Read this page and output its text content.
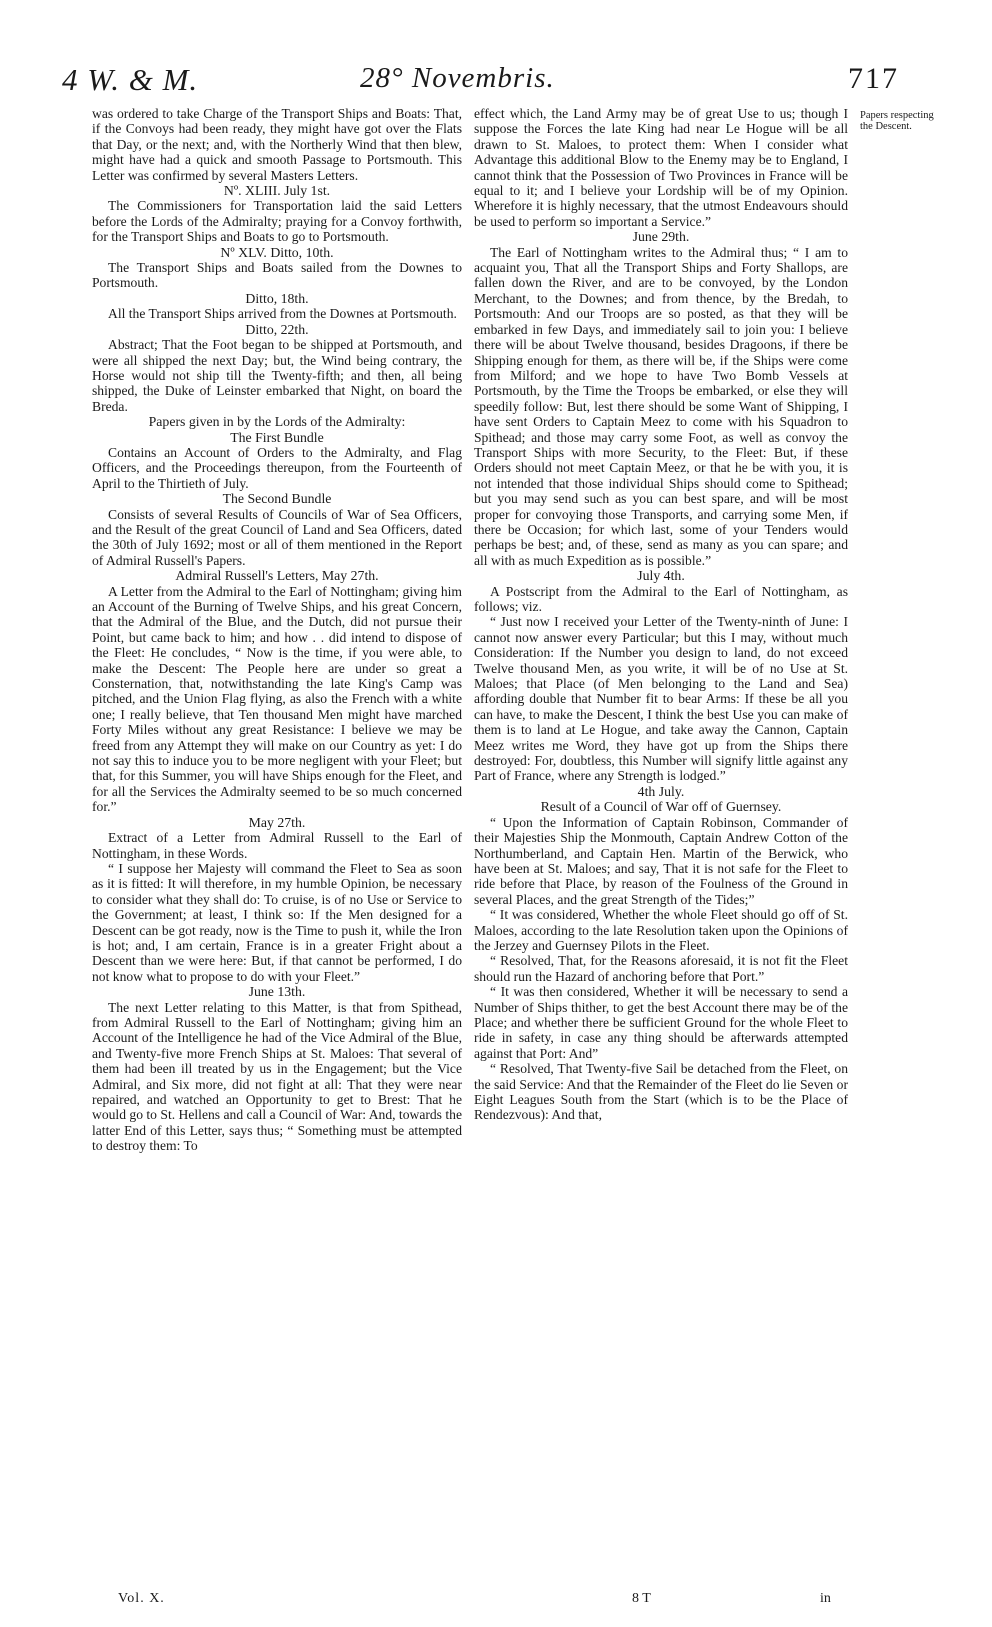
4 W. & M.	28° Novembris.	717

was ordered to take Charge of the Transport Ships and Boats: That, if the Convoys had been ready, they might have got over the Flats that Day, or the next; and, with the Northerly Wind that then blew, might have had a quick and smooth Passage to Portsmouth. This Letter was confirmed by several Masters Letters.

Nº. XLIII. July 1st.

The Commissioners for Transportation laid the said Letters before the Lords of the Admiralty; praying for a Convoy forthwith, for the Transport Ships and Boats to go to Portsmouth.

Nº XLV. Ditto, 10th.

The Transport Ships and Boats sailed from the Downes to Portsmouth.

Ditto, 18th.

All the Transport Ships arrived from the Downes at Portsmouth.

Ditto, 22th.

Abstract; That the Foot began to be shipped at Portsmouth, and were all shipped the next Day; but, the Wind being contrary, the Horse would not ship till the Twenty-fifth; and then, all being shipped, the Duke of Leinster embarked that Night, on board the Breda.

Papers given in by the Lords of the Admiralty:

The First Bundle

Contains an Account of Orders to the Admiralty, and Flag Officers, and the Proceedings thereupon, from the Fourteenth of April to the Thirtieth of July.

The Second Bundle

Consists of several Results of Councils of War of Sea Officers, and the Result of the great Council of Land and Sea Officers, dated the 30th of July 1692; most or all of them mentioned in the Report of Admiral Russell's Papers.

Admiral Russell's Letters, May 27th.

A Letter from the Admiral to the Earl of Nottingham; giving him an Account of the Burning of Twelve Ships, and his great Concern, that the Admiral of the Blue, and the Dutch, did not pursue their Point, but came back to him; and how . . did intend to dispose of the Fleet: He concludes, “ Now is the time, if you were able, to make the Descent: The People here are under so great a Consternation, that, notwithstanding the late King's Camp was pitched, and the Union Flag flying, as also the French with a white one; I really believe, that Ten thousand Men might have marched Forty Miles without any great Resistance: I believe we may be freed from any Attempt they will make on our Country as yet: I do not say this to induce you to be more negligent with your Fleet; but that, for this Summer, you will have Ships enough for the Fleet, and for all the Services the Admiralty seemed to be so much concerned for.”

May 27th.

Extract of a Letter from Admiral Russell to the Earl of Nottingham, in these Words.

“ I suppose her Majesty will command the Fleet to Sea as soon as it is fitted: It will therefore, in my humble Opinion, be necessary to consider what they shall do: To cruise, is of no Use or Service to the Government; at least, I think so: If the Men designed for a Descent can be got ready, now is the Time to push it, while the Iron is hot; and, I am certain, France is in a greater Fright about a Descent than we were here: But, if that cannot be performed, I do not know what to propose to do with your Fleet.”

June 13th.

The next Letter relating to this Matter, is that from Spithead, from Admiral Russell to the Earl of Nottingham; giving him an Account of the Intelligence he had of the Vice Admiral of the Blue, and Twenty-five more French Ships at St. Maloes: That several of them had been ill treated by us in the Engagement; but the Vice Admiral, and Six more, did not fight at all: That they were near repaired, and watched an Opportunity to get to Brest: That he would go to St. Hellens and call a Council of War: And, towards the latter End of this Letter, says thus; “ Something must be attempted to destroy them: To

effect which, the Land Army may be of great Use to us; though I suppose the Forces the late King had near Le Hogue will be all drawn to St. Maloes, to protect them: When I consider what Advantage this additional Blow to the Enemy may be to England, I cannot think that the Possession of Two Provinces in France will be equal to it; and I believe your Lordship will be of my Opinion. Wherefore it is highly necessary, that the utmost Endeavours should be used to perform so important a Service.”

June 29th.

The Earl of Nottingham writes to the Admiral thus; “ I am to acquaint you, That all the Transport Ships and Forty Shallops, are fallen down the River, and are to be convoyed, by the London Merchant, to the Downes; and from thence, by the Bredah, to Portsmouth: And our Troops are so posted, as that they will be embarked in few Days, and immediately sail to join you: I believe there will be about Twelve thousand, besides Dragoons, if there be Shipping enough for them, as there will be, if the Ships were come from Milford; and we hope to have Two Bomb Vessels at Portsmouth, by the Time the Troops be embarked, or else they will speedily follow: But, lest there should be some Want of Shipping, I have sent Orders to Captain Meez to come with his Squadron to Spithead; and those may carry some Foot, as well as convoy the Transport Ships with more Security, to the Fleet: But, if these Orders should not meet Captain Meez, or that he be with you, it is not intended that those individual Ships should come to Spithead; but you may send such as you can best spare, and will be most proper for convoying those Transports, and carrying some Men, if there be Occasion; for which last, some of your Tenders would perhaps be best; and, of these, send as many as you can spare; and all with as much Expedition as is possible.”

July 4th.

A Postscript from the Admiral to the Earl of Nottingham, as follows; viz.

“ Just now I received your Letter of the Twenty-ninth of June: I cannot now answer every Particular; but this I may, without much Consideration: If the Number you design to land, do not exceed Twelve thousand Men, as you write, it will be of no Use at St. Maloes; that Place (of Men belonging to the Land and Sea) affording double that Number fit to bear Arms: If these be all you can have, to make the Descent, I think the best Use you can make of them is to land at Le Hogue, and take away the Cannon, Captain Meez writes me Word, they have got up from the Ships there destroyed: For, doubtless, this Number will signify little against any Part of France, where any Strength is lodged.”

4th July.

Result of a Council of War off of Guernsey.

“ Upon the Information of Captain Robinson, Commander of their Majesties Ship the Monmouth, Captain Andrew Cotton of the Northumberland, and Captain Hen. Martin of the Berwick, who have been at St. Maloes; and say, That it is not safe for the Fleet to ride before that Place, by reason of the Foulness of the Ground in several Places, and the great Strength of the Tides;”

“ It was considered, Whether the whole Fleet should go off of St. Maloes, according to the late Resolution taken upon the Opinions of the Jerzey and Guernsey Pilots in the Fleet.

“ Resolved, That, for the Reasons aforesaid, it is not fit the Fleet should run the Hazard of anchoring before that Port.”

“ It was then considered, Whether it will be necessary to send a Number of Ships thither, to get the best Account there may be of the Place; and whether there be sufficient Ground for the whole Fleet to ride in safety, in case any thing should be afterwards attempted against that Port: And”

“ Resolved, That Twenty-five Sail be detached from the Fleet, on the said Service: And that the Remainder of the Fleet do lie Seven or Eight Leagues South from the Start (which is to be the Place of Rendezvous): And that,

Papers respecting the Descent.
Vol. X.	8 T	in
